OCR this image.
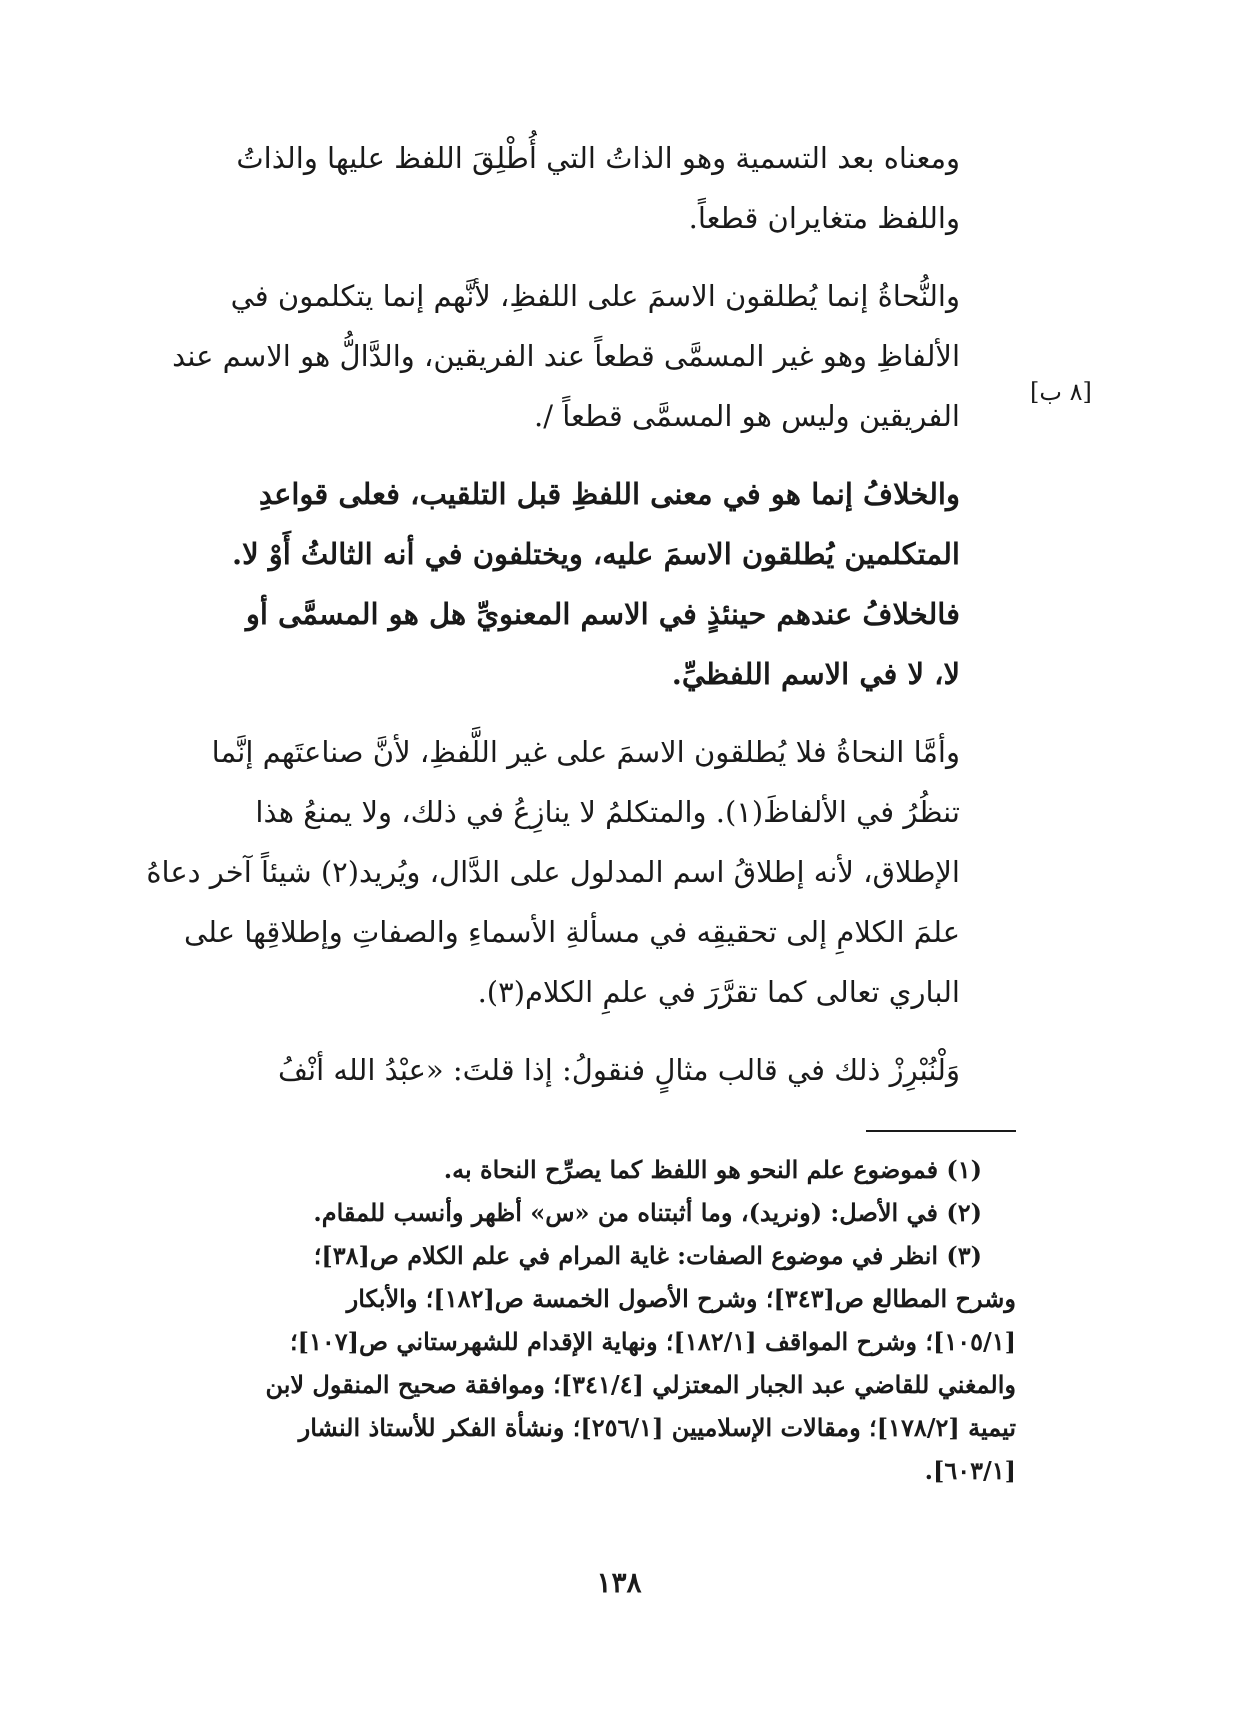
[٨ ب]

ومعناه بعد التسمية وهو الذاتُ التي أُطْلِقَ اللفظ عليها والذاتُ
واللفظ متغايران قطعاً.

والنُّحاةُ إنما يُطلقون الاسمَ على اللفظِ، لأنَّهم إنما يتكلمون في
الألفاظِ وهو غير المسمَّى قطعاً عند الفريقين، والدَّالُّ هو الاسم عند
الفريقين وليس هو المسمَّى قطعاً /.

والخلافُ إنما هو في معنى اللفظِ قبل التلقيب، فعلى قواعدِ
المتكلمين يُطلقون الاسمَ عليه، ويختلفون في أنه الثالثُ أَوْ لا.
فالخلافُ عندهم حينئذٍ في الاسم المعنويِّ هل هو المسمَّى أو
لا، لا في الاسم اللفظيِّ.

وأمَّا النحاةُ فلا يُطلقون الاسمَ على غير اللَّفظِ، لأنَّ صناعتَهم إنَّما
تنظُرُ في الألفاظَ(١). والمتكلمُ لا ينازِعُ في ذلك، ولا يمنعُ هذا
الإطلاق، لأنه إطلاقُ اسم المدلول على الدَّال، ويُريد(٢) شيئاً آخر دعاهُ
علمَ الكلامِ إلى تحقيقِه في مسألةِ الأسماءِ والصفاتِ وإطلاقِها على
الباري تعالى كما تقرَّرَ في علمِ الكلام(٣).

وَلْنُبْرِزْ ذلك في قالب مثالٍ فنقولُ: إذا قلتَ: «عبْدُ الله أنْفُ

(١) فموضوع علم النحو هو اللفظ كما يصرِّح النحاة به.

(٢) في الأصل: (ونريد)، وما أثبتناه من «س» أظهر وأنسب للمقام.

(٣) انظر في موضوع الصفات: غاية المرام في علم الكلام ص[٣٨]؛
وشرح المطالع ص[٣٤٣]؛ وشرح الأصول الخمسة ص[١٨٢]؛ والأبكار
[١٠٥/١]؛ وشرح المواقف [١٨٢/١]؛ ونهاية الإقدام للشهرستاني ص[١٠٧]؛
والمغني للقاضي عبد الجبار المعتزلي [٣٤١/٤]؛ وموافقة صحيح المنقول لابن
تيمية [١٧٨/٢]؛ ومقالات الإسلاميين [٢٥٦/١]؛ ونشأة الفكر للأستاذ النشار
[٦٠٣/١].

١٣٨
